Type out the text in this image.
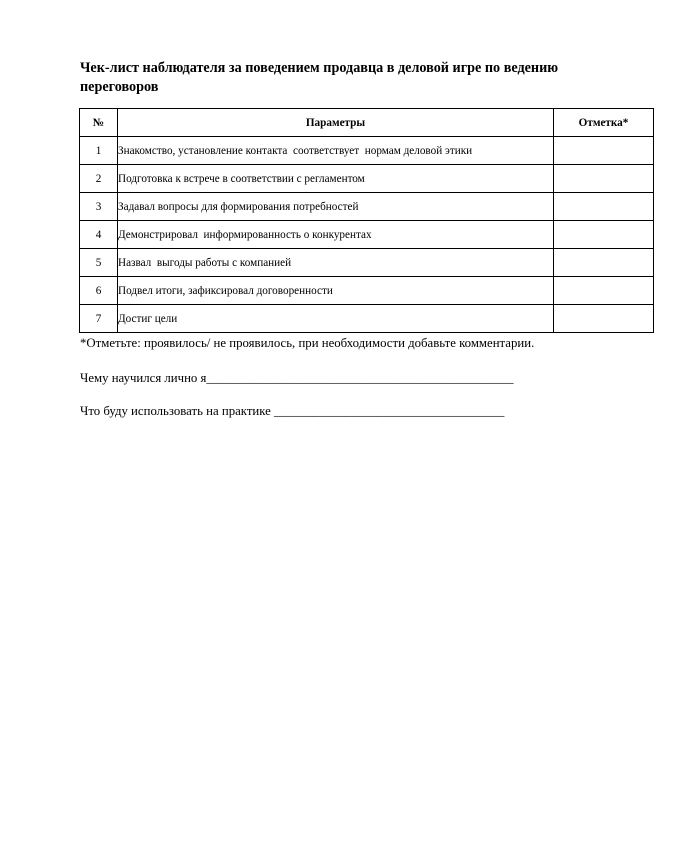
Чек-лист наблюдателя за поведением продавца в деловой игре по ведению переговоров
№	Параметры	Отметка*
1	Знакомство, установление контакта  соответствует  нормам деловой этики	
2	Подготовка к встрече в соответствии с регламентом	
3	Задавал вопросы для формирования потребностей	
4	Демонстрировал  информированность о конкурентах	
5	Назвал  выгоды работы с компанией	
6	Подвел итоги, зафиксировал договоренности	
7	Достиг цели	
*Отметьте: проявилось/ не проявилось, при необходимости добавьте комментарии.
Чему научился лично я________________________________________________
Что буду использовать на практике ____________________________________
